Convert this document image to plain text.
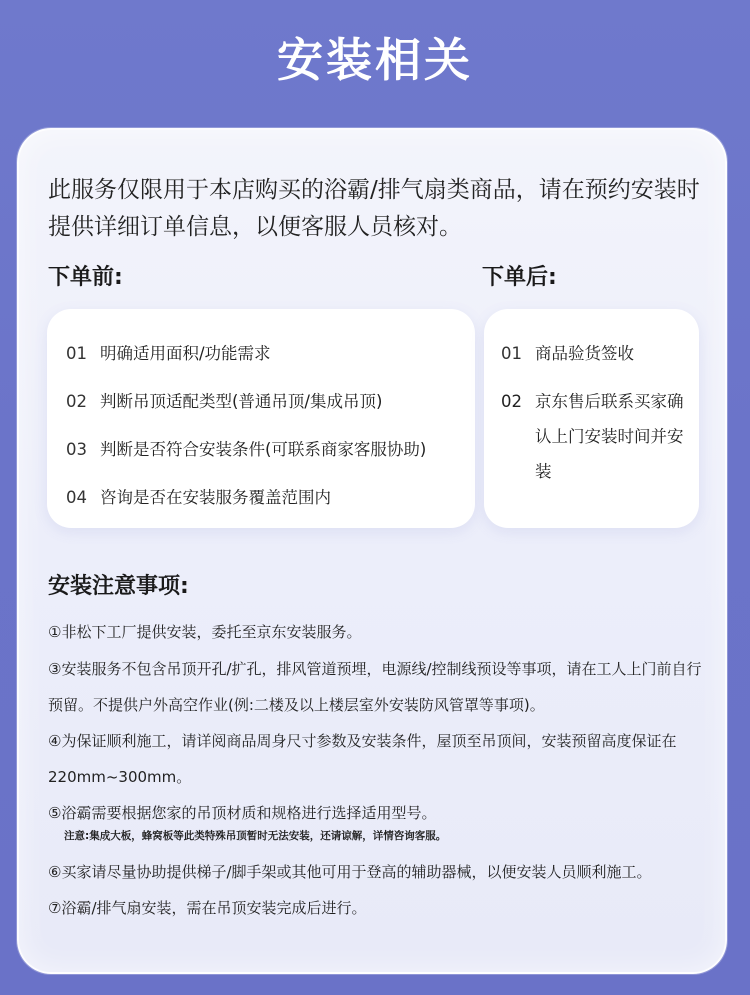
安装相关
此服务仅限用于本店购买的浴霸/排气扇类商品，请在预约安装时提供详细订单信息，以便客服人员核对。
下单前:	下单后:
01 明确适用面积/功能需求
02 判断吊顶适配类型(普通吊顶/集成吊顶)
03 判断是否符合安装条件(可联系商家客服协助)
04 咨询是否在安装服务覆盖范围内
01 商品验货签收
02 京东售后联系买家确认上门安装时间并安装
安装注意事项:
①非松下工厂提供安装，委托至京东安装服务。
③安装服务不包含吊顶开孔/扩孔，排风管道预埋，电源线/控制线预设等事项，请在工人上门前自行预留。不提供户外高空作业(例:二楼及以上楼层室外安装防风管罩等事项)。
④为保证顺利施工，请详阅商品周身尺寸参数及安装条件，屋顶至吊顶间，安装预留高度保证在220mm~300mm。
⑤浴霸需要根据您家的吊顶材质和规格进行选择适用型号。
注意:集成大板，蜂窝板等此类特殊吊顶暂时无法安装，还请谅解，详情咨询客服。
⑥买家请尽量协助提供梯子/脚手架或其他可用于登高的辅助器械，以便安装人员顺利施工。
⑦浴霸/排气扇安装，需在吊顶安装完成后进行。
